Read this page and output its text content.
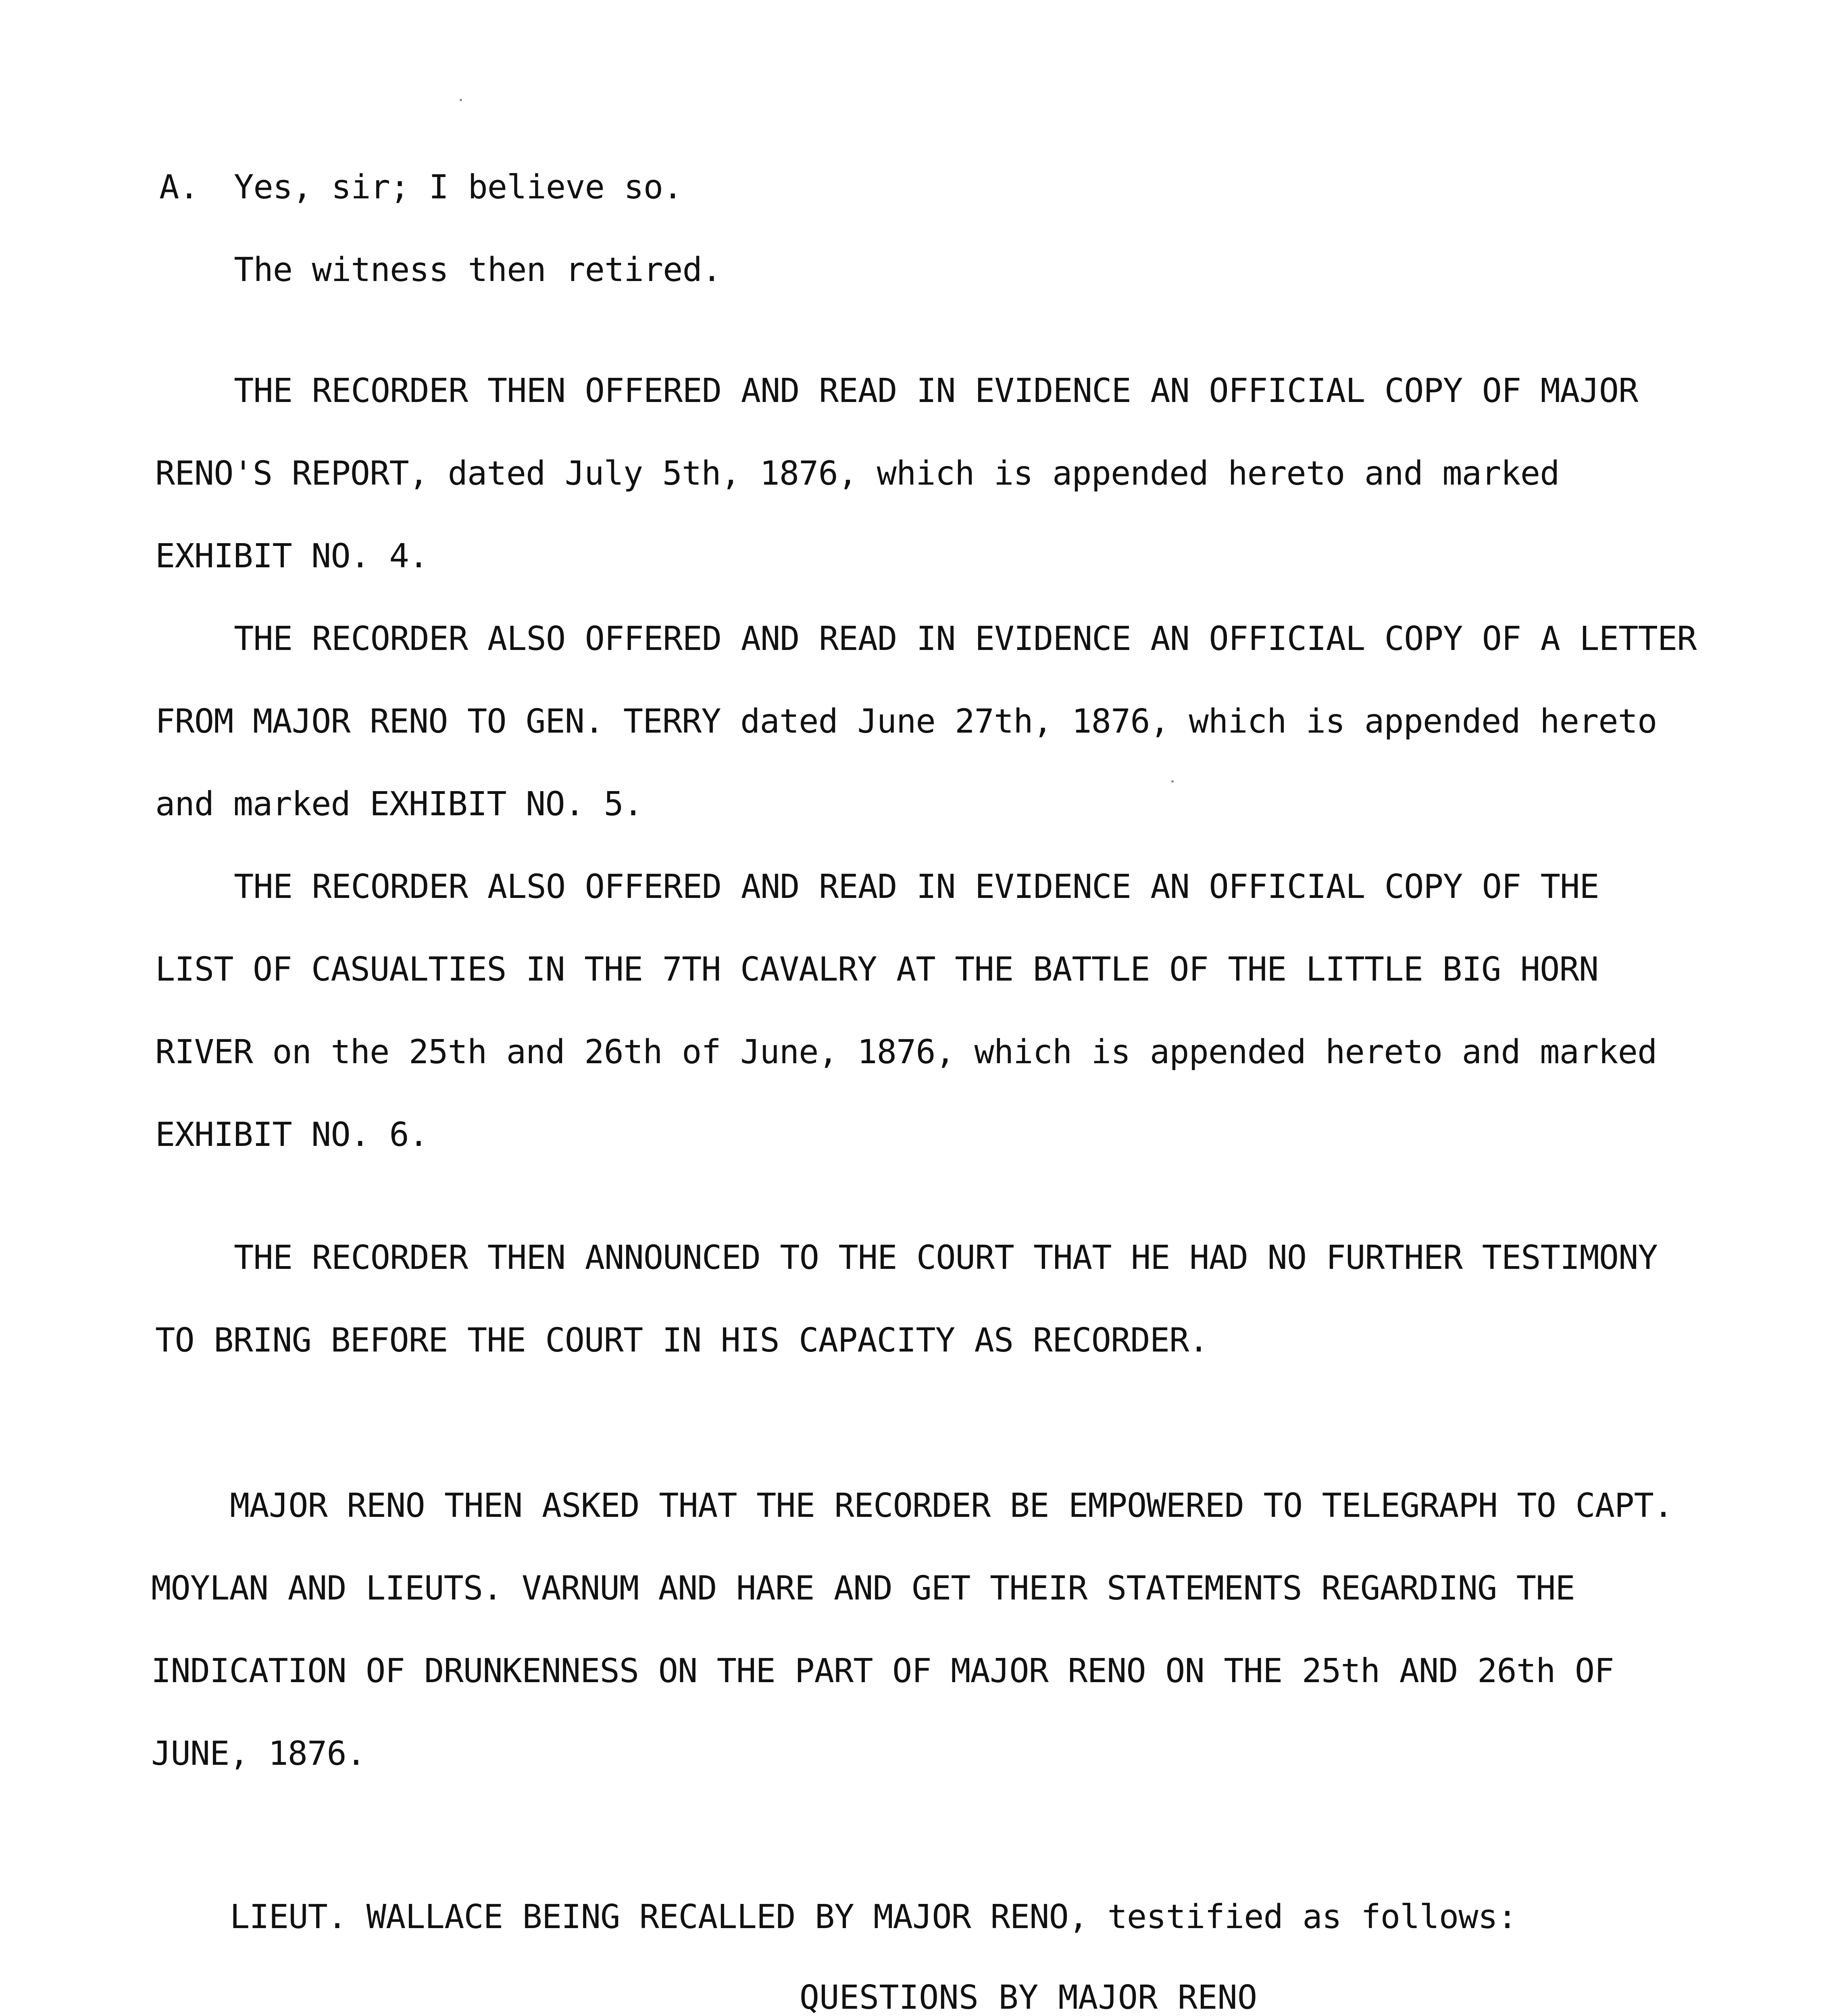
A. Yes, sir; I believe so.
The witness then retired.
THE RECORDER THEN OFFERED AND READ IN EVIDENCE AN OFFICIAL COPY OF MAJOR
RENO'S REPORT, dated July 5th, 1876, which is appended hereto and marked
EXHIBIT NO. 4.
THE RECORDER ALSO OFFERED AND READ IN EVIDENCE AN OFFICIAL COPY OF A LETTER
FROM MAJOR RENO TO GEN. TERRY dated June 27th, 1876, which is appended hereto
and marked EXHIBIT NO. 5.
THE RECORDER ALSO OFFERED AND READ IN EVIDENCE AN OFFICIAL COPY OF THE
LIST OF CASUALTIES IN THE 7TH CAVALRY AT THE BATTLE OF THE LITTLE BIG HORN
RIVER on the 25th and 26th of June, 1876, which is appended hereto and marked
EXHIBIT NO. 6.
THE RECORDER THEN ANNOUNCED TO THE COURT THAT HE HAD NO FURTHER TESTIMONY
TO BRING BEFORE THE COURT IN HIS CAPACITY AS RECORDER.
MAJOR RENO THEN ASKED THAT THE RECORDER BE EMPOWERED TO TELEGRAPH TO CAPT.
MOYLAN AND LIEUTS. VARNUM AND HARE AND GET THEIR STATEMENTS REGARDING THE
INDICATION OF DRUNKENNESS ON THE PART OF MAJOR RENO ON THE 25th AND 26th OF
JUNE, 1876.
LIEUT. WALLACE BEING RECALLED BY MAJOR RENO, testified as follows:
QUESTIONS BY MAJOR RENO
